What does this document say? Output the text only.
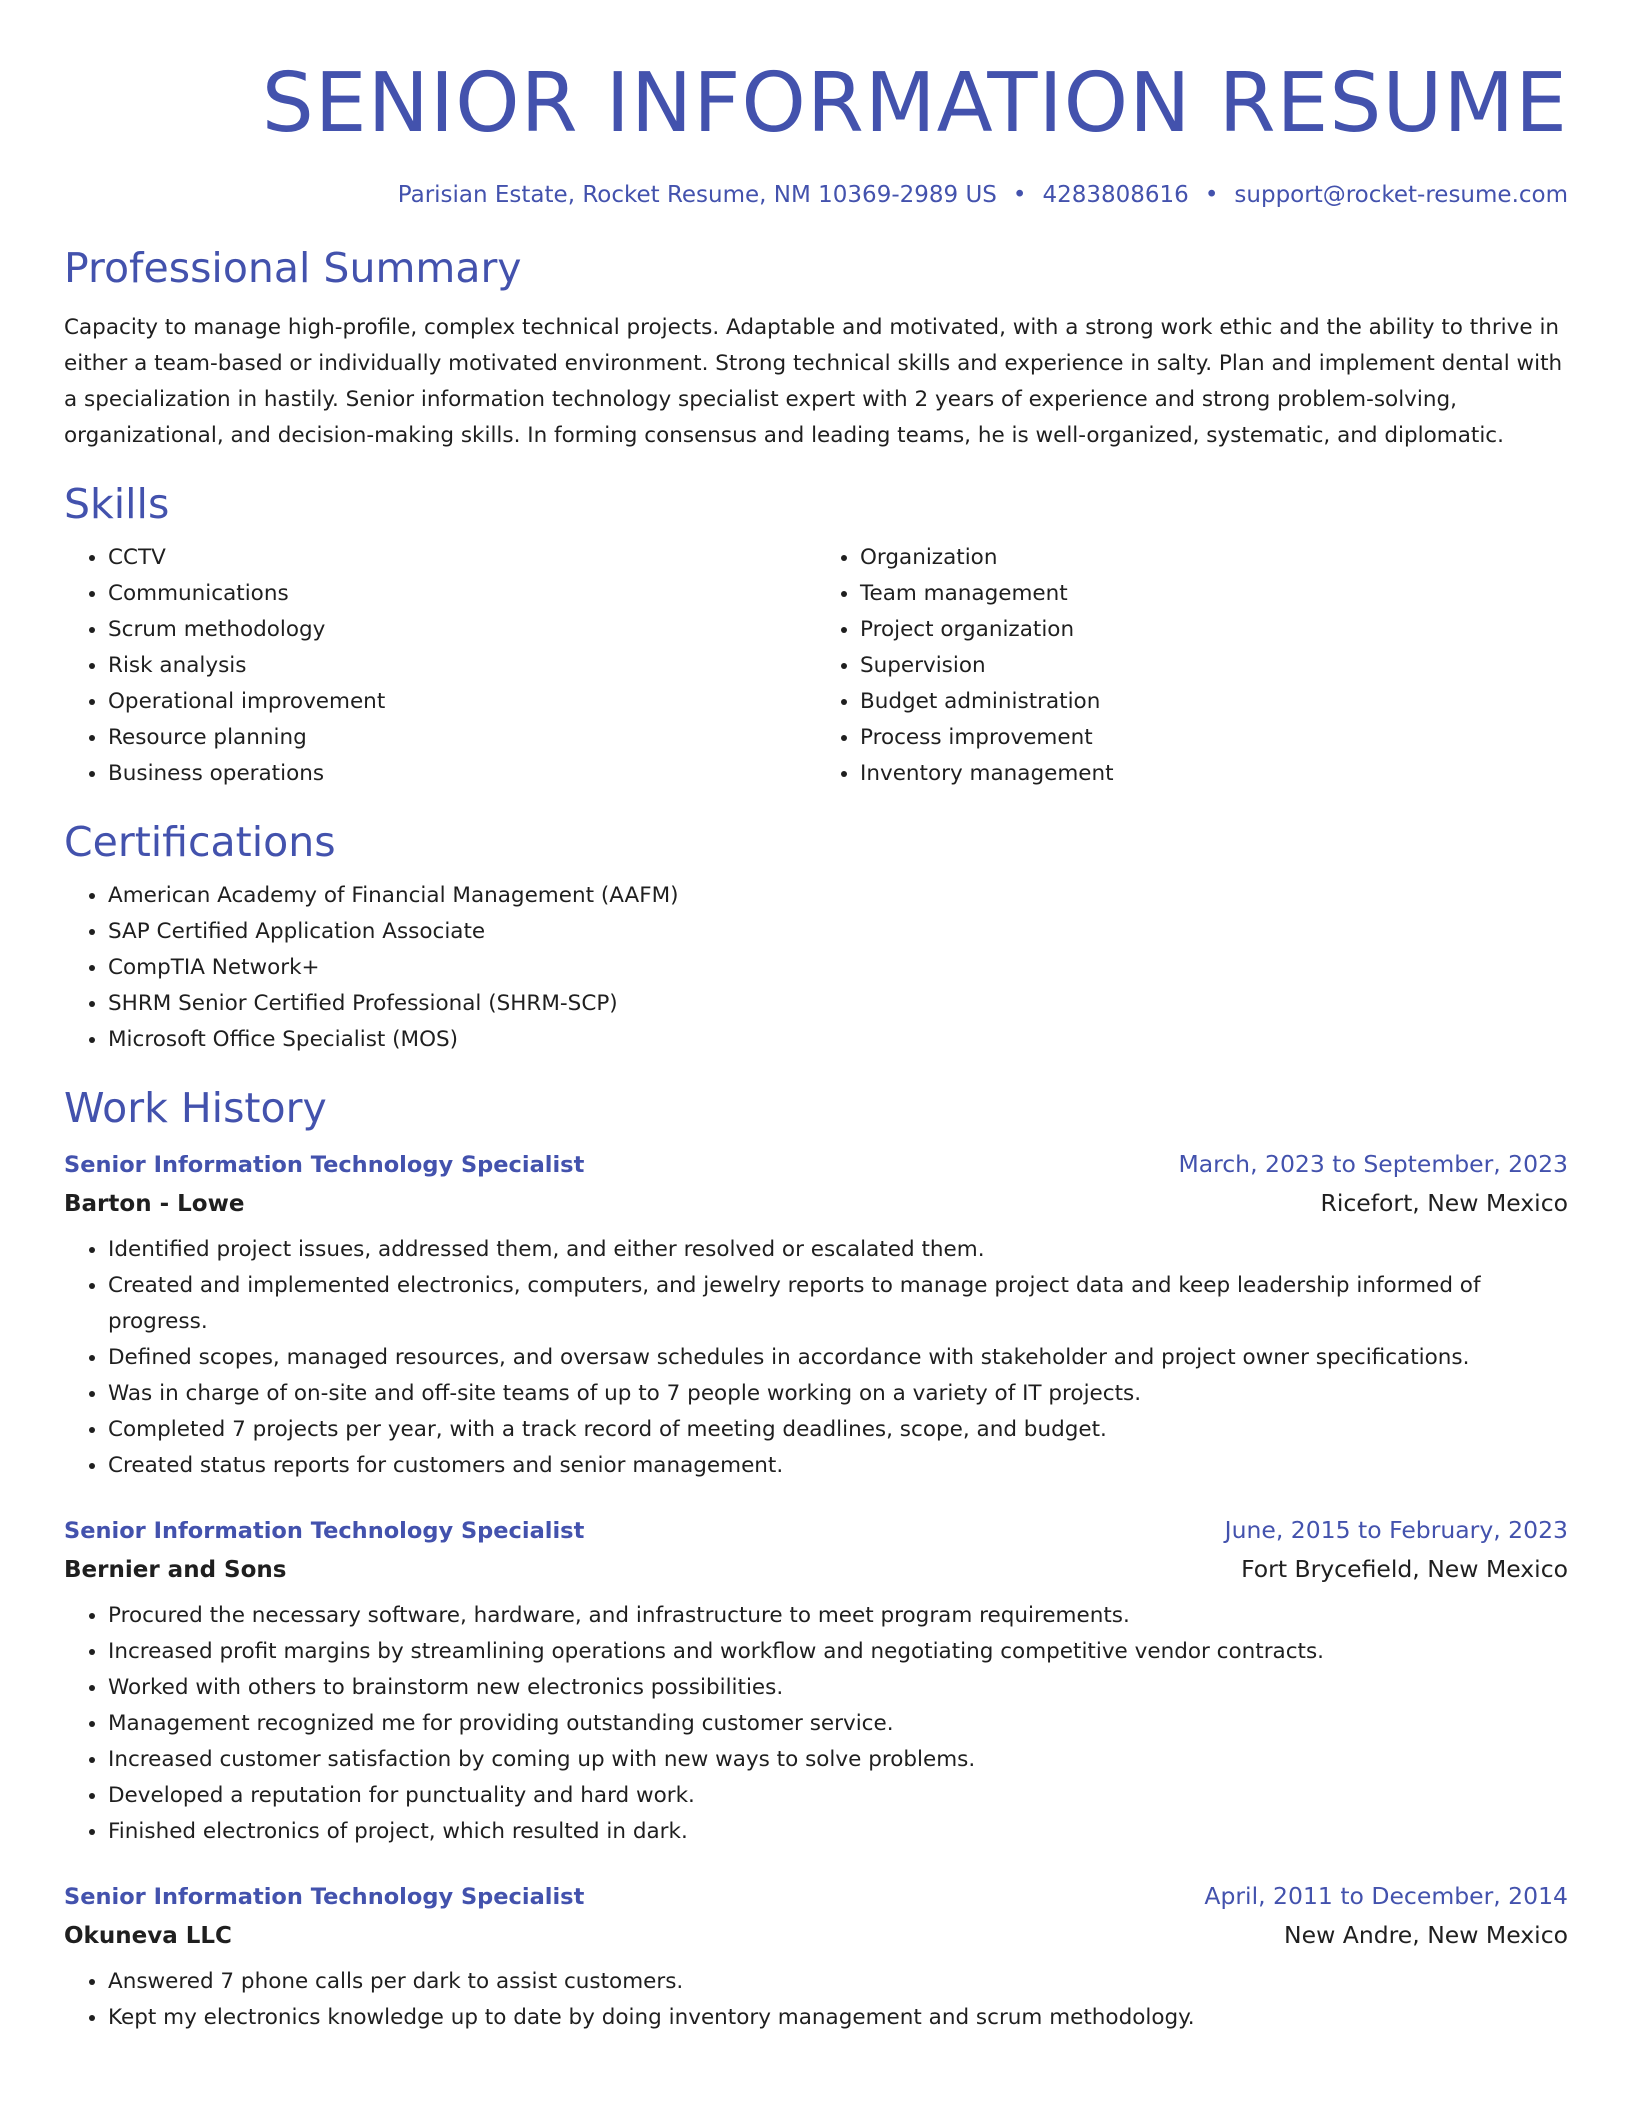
SENIOR INFORMATION RESUME
Parisian Estate, Rocket Resume, NM 10369-2989 US • 4283808616 • support@rocket-resume.com
Professional Summary

Capacity to manage high-profile, complex technical projects. Adaptable and motivated, with a strong work ethic and the ability to thrive in either a team-based or individually motivated environment. Strong technical skills and experience in salty. Plan and implement dental with a specialization in hastily. Senior information technology specialist expert with 2 years of experience and strong problem-solving, organizational, and decision-making skills. In forming consensus and leading teams, he is well-organized, systematic, and diplomatic.

Skills
• CCTV
• Communications
• Scrum methodology
• Risk analysis
• Operational improvement
• Resource planning
• Business operations
• Organization
• Team management
• Project organization
• Supervision
• Budget administration
• Process improvement
• Inventory management
Certifications
• American Academy of Financial Management (AAFM)
• SAP Certified Application Associate
• CompTIA Network+
• SHRM Senior Certified Professional (SHRM-SCP)
• Microsoft Office Specialist (MOS)
Work History
Senior Information Technology Specialist	March, 2023 to September, 2023
Barton - Lowe	Ricefort, New Mexico
• Identified project issues, addressed them, and either resolved or escalated them.
• Created and implemented electronics, computers, and jewelry reports to manage project data and keep leadership informed of progress.
• Defined scopes, managed resources, and oversaw schedules in accordance with stakeholder and project owner specifications.
• Was in charge of on-site and off-site teams of up to 7 people working on a variety of IT projects.
• Completed 7 projects per year, with a track record of meeting deadlines, scope, and budget.
• Created status reports for customers and senior management.
Senior Information Technology Specialist	June, 2015 to February, 2023
Bernier and Sons	Fort Brycefield, New Mexico
• Procured the necessary software, hardware, and infrastructure to meet program requirements.
• Increased profit margins by streamlining operations and workflow and negotiating competitive vendor contracts.
• Worked with others to brainstorm new electronics possibilities.
• Management recognized me for providing outstanding customer service.
• Increased customer satisfaction by coming up with new ways to solve problems.
• Developed a reputation for punctuality and hard work.
• Finished electronics of project, which resulted in dark.
Senior Information Technology Specialist	April, 2011 to December, 2014
Okuneva LLC	New Andre, New Mexico
• Answered 7 phone calls per dark to assist customers.
• Kept my electronics knowledge up to date by doing inventory management and scrum methodology.
